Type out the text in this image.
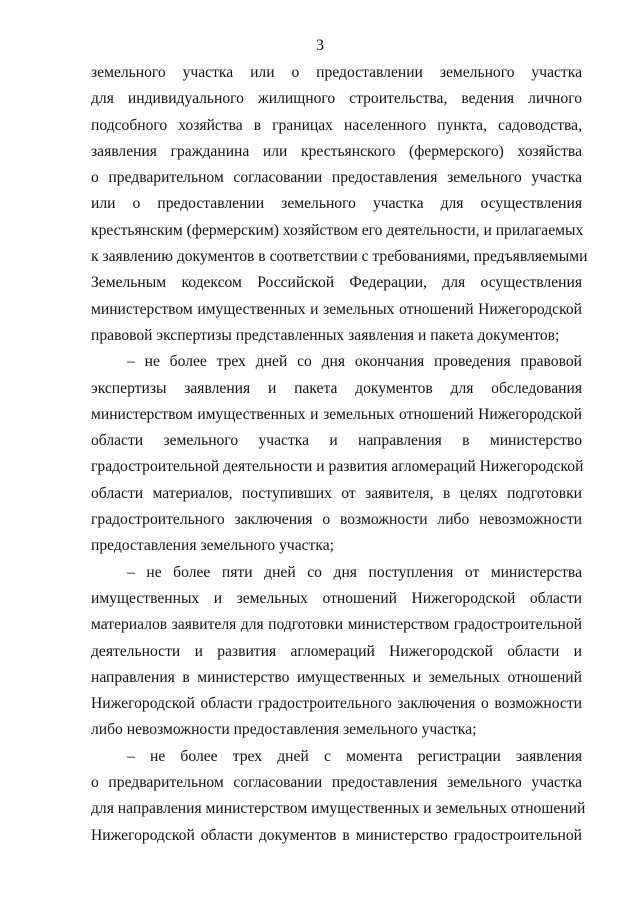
3
земельного участка или о предоставлении земельного участка
для индивидуального жилищного строительства, ведения личного
подсобного хозяйства в границах населенного пункта, садоводства,
заявления гражданина или крестьянского (фермерского) хозяйства
о предварительном согласовании предоставления земельного участка
или о предоставлении земельного участка для осуществления
крестьянским (фермерским) хозяйством его деятельности, и прилагаемых
к заявлению документов в соответствии с требованиями, предъявляемыми
Земельным кодексом Российской Федерации, для осуществления
министерством имущественных и земельных отношений Нижегородской
правовой экспертизы представленных заявления и пакета документов;
– не более трех дней со дня окончания проведения правовой
экспертизы заявления и пакета документов для обследования
министерством имущественных и земельных отношений Нижегородской
области земельного участка и направления в министерство
градостроительной деятельности и развития агломераций Нижегородской
области материалов, поступивших от заявителя, в целях подготовки
градостроительного заключения о возможности либо невозможности
предоставления земельного участка;
– не более пяти дней со дня поступления от министерства
имущественных и земельных отношений Нижегородской области
материалов заявителя для подготовки министерством градостроительной
деятельности и развития агломераций Нижегородской области и
направления в министерство имущественных и земельных отношений
Нижегородской области градостроительного заключения о возможности
либо невозможности предоставления земельного участка;
– не более трех дней с момента регистрации заявления
о предварительном согласовании предоставления земельного участка
для направления министерством имущественных и земельных отношений
Нижегородской области документов в министерство градостроительной
